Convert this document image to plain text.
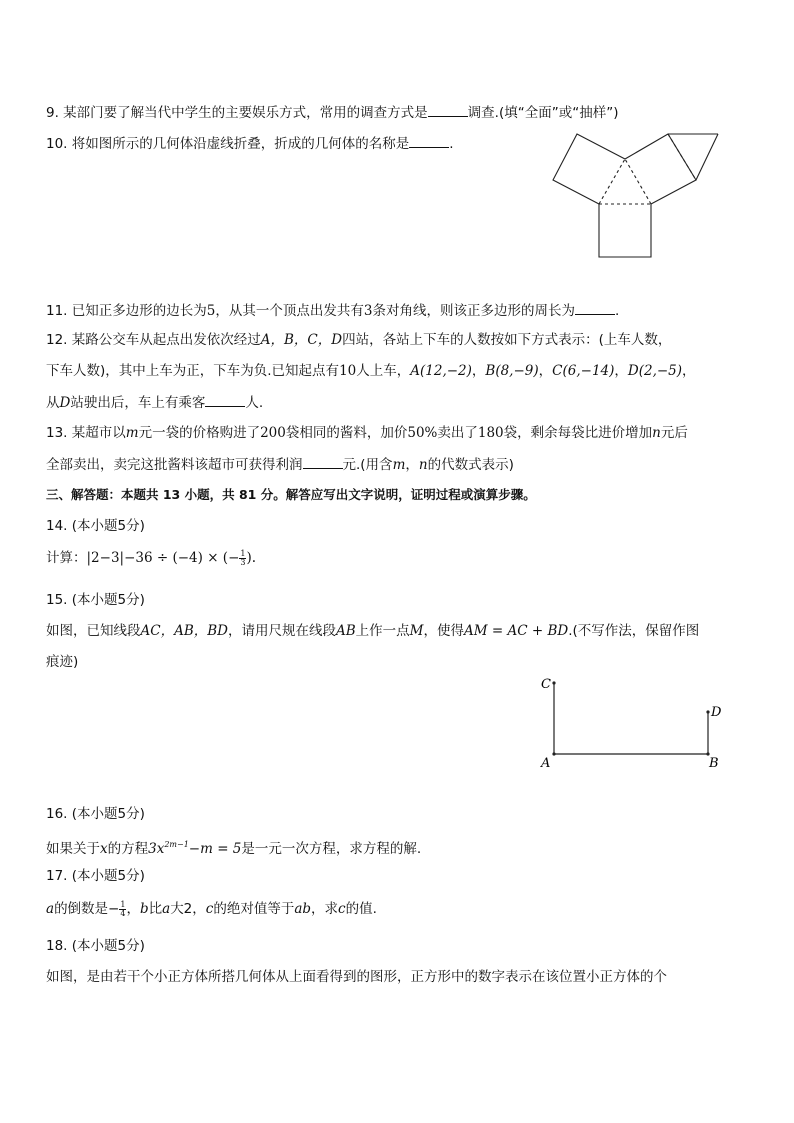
9. 某部门要了解当代中学生的主要娱乐方式，常用的调查方式是	调查.(填“全面”或“抽样”)
10. 将如图所示的几何体沿虚线折叠，折成的几何体的名称是	.
11. 已知正多边形的边长为5，从其一个顶点出发共有3条对角线，则该正多边形的周长为	.
12. 某路公交车从起点出发依次经过A，B，C，D四站，各站上下车的人数按如下方式表示：(上车人数，
下车人数)，其中上车为正，下车为负.已知起点有10人上车，A(12,−2)，B(8,−9)，C(6,−14)，D(2,−5)，
从D站驶出后，车上有乘客	人.
13. 某超市以m元一袋的价格购进了200袋相同的酱料，加价50%卖出了180袋，剩余每袋比进价增加n元后
全部卖出，卖完这批酱料该超市可获得利润	元.(用含m，n的代数式表示)
三、解答题：本题共 13 小题，共 81 分。解答应写出文字说明，证明过程或演算步骤。
14. (本小题5分)
计算：|2−3|−36 ÷ (−4) × (− $\frac{1}{3}$ ).
15. (本小题5分)
如图，已知线段AC，AB，BD，请用尺规在线段AB上作一点M，使得AM = AC + BD.(不写作法，保留作图
痕迹)
C
D
A	B
16. (本小题5分)
如果关于x的方程$3x^{2m-1}-m = 5$是一元一次方程，求方程的解.
17. (本小题5分)
a的倒数是− $\frac{1}{4}$ ，b比a大2，c的绝对值等于ab，求c的值.
18. (本小题5分)
如图，是由若干个小正方体所搭几何体从上面看得到的图形，正方形中的数字表示在该位置小正方体的个
